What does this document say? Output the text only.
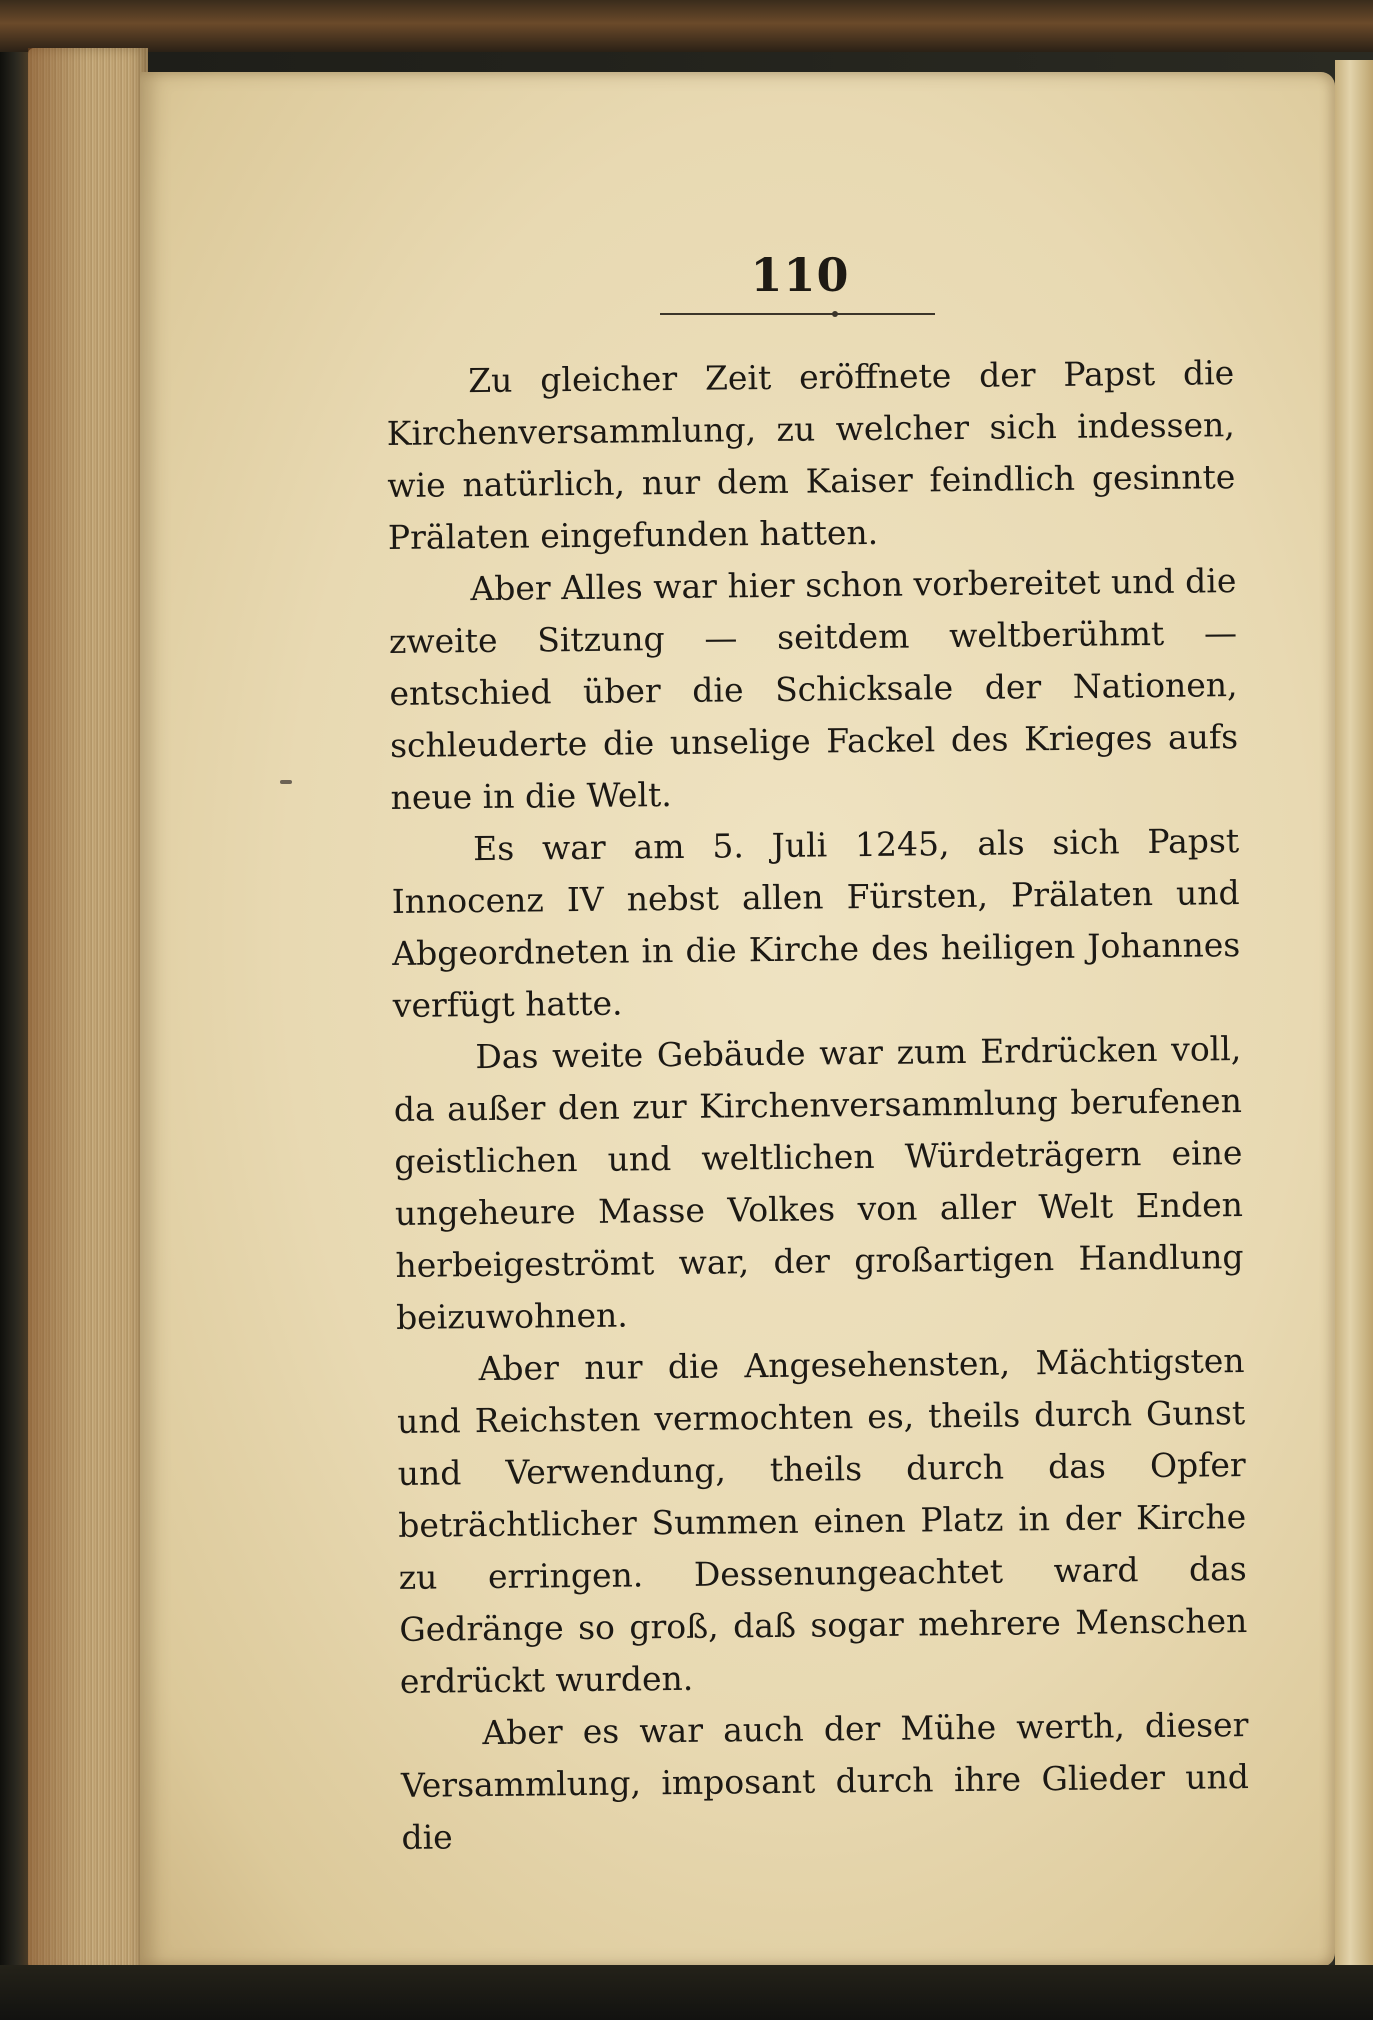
110

Zu gleicher Zeit eröffnete der Papst die Kirchenversammlung, zu welcher sich indessen, wie natürlich, nur dem Kaiser feindlich gesinnte Prälaten eingefunden hatten.

Aber Alles war hier schon vorbereitet und die zweite Sitzung — seitdem weltberühmt — entschied über die Schicksale der Nationen, schleuderte die unselige Fackel des Krieges aufs neue in die Welt.

Es war am 5. Juli 1245, als sich Papst Innocenz IV nebst allen Fürsten, Prälaten und Abgeordneten in die Kirche des heiligen Johannes verfügt hatte.

Das weite Gebäude war zum Erdrücken voll, da außer den zur Kirchenversammlung berufenen geistlichen und weltlichen Würdeträgern eine ungeheure Masse Volkes von aller Welt Enden herbeigeströmt war, der großartigen Handlung beizuwohnen.

Aber nur die Angesehensten, Mächtigsten und Reichsten vermochten es, theils durch Gunst und Verwendung, theils durch das Opfer beträchtlicher Summen einen Platz in der Kirche zu erringen. Dessenungeachtet ward das Gedränge so groß, daß sogar mehrere Menschen erdrückt wurden.

Aber es war auch der Mühe werth, dieser Versammlung, imposant durch ihre Glieder und die
